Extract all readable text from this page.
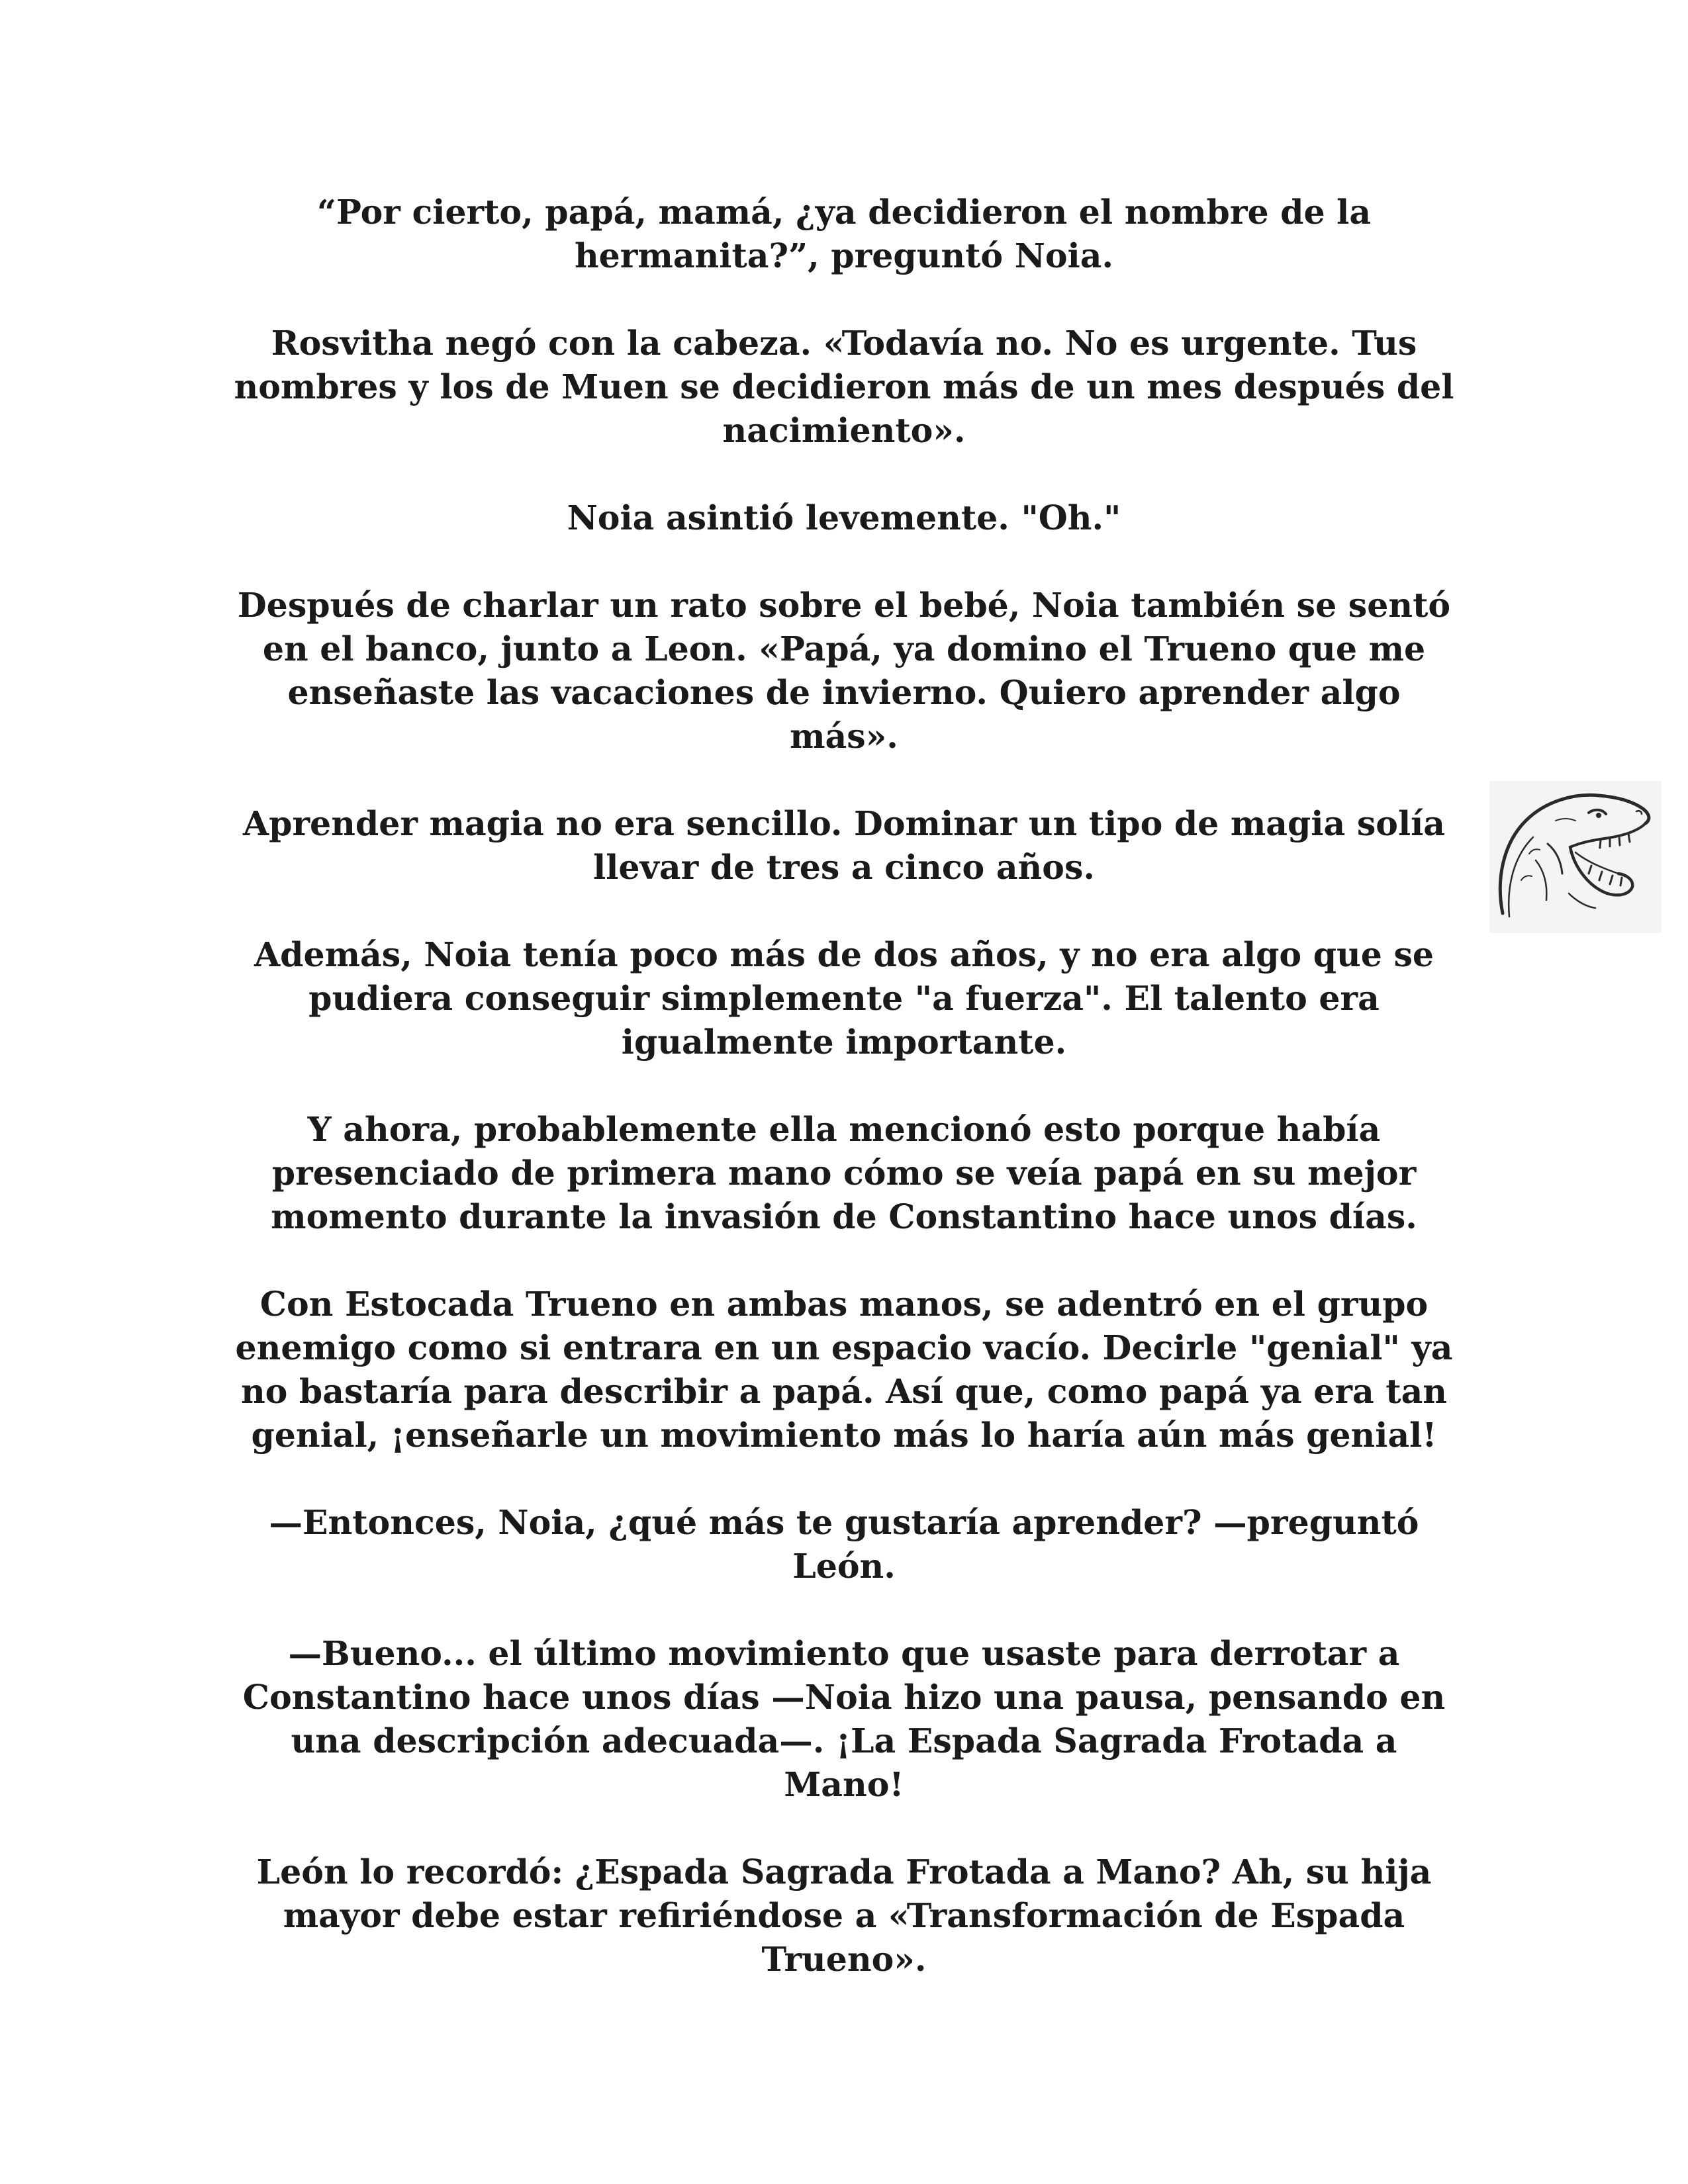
“Por cierto, papá, mamá, ¿ya decidieron el nombre de la hermanita?”, preguntó Noia.

Rosvitha negó con la cabeza. «Todavía no. No es urgente. Tus nombres y los de Muen se decidieron más de un mes después del nacimiento».

Noia asintió levemente. "Oh."

Después de charlar un rato sobre el bebé, Noia también se sentó en el banco, junto a Leon. «Papá, ya domino el Trueno que me enseñaste las vacaciones de invierno. Quiero aprender algo más».

Aprender magia no era sencillo. Dominar un tipo de magia solía llevar de tres a cinco años.

Además, Noia tenía poco más de dos años, y no era algo que se pudiera conseguir simplemente "a fuerza". El talento era igualmente importante.

Y ahora, probablemente ella mencionó esto porque había presenciado de primera mano cómo se veía papá en su mejor momento durante la invasión de Constantino hace unos días.

Con Estocada Trueno en ambas manos, se adentró en el grupo enemigo como si entrara en un espacio vacío. Decirle "genial" ya no bastaría para describir a papá. Así que, como papá ya era tan genial, ¡enseñarle un movimiento más lo haría aún más genial!

—Entonces, Noia, ¿qué más te gustaría aprender? —preguntó León.

—Bueno... el último movimiento que usaste para derrotar a Constantino hace unos días —Noia hizo una pausa, pensando en una descripción adecuada—. ¡La Espada Sagrada Frotada a Mano!

León lo recordó: ¿Espada Sagrada Frotada a Mano? Ah, su hija mayor debe estar refiriéndose a «Transformación de Espada Trueno».
